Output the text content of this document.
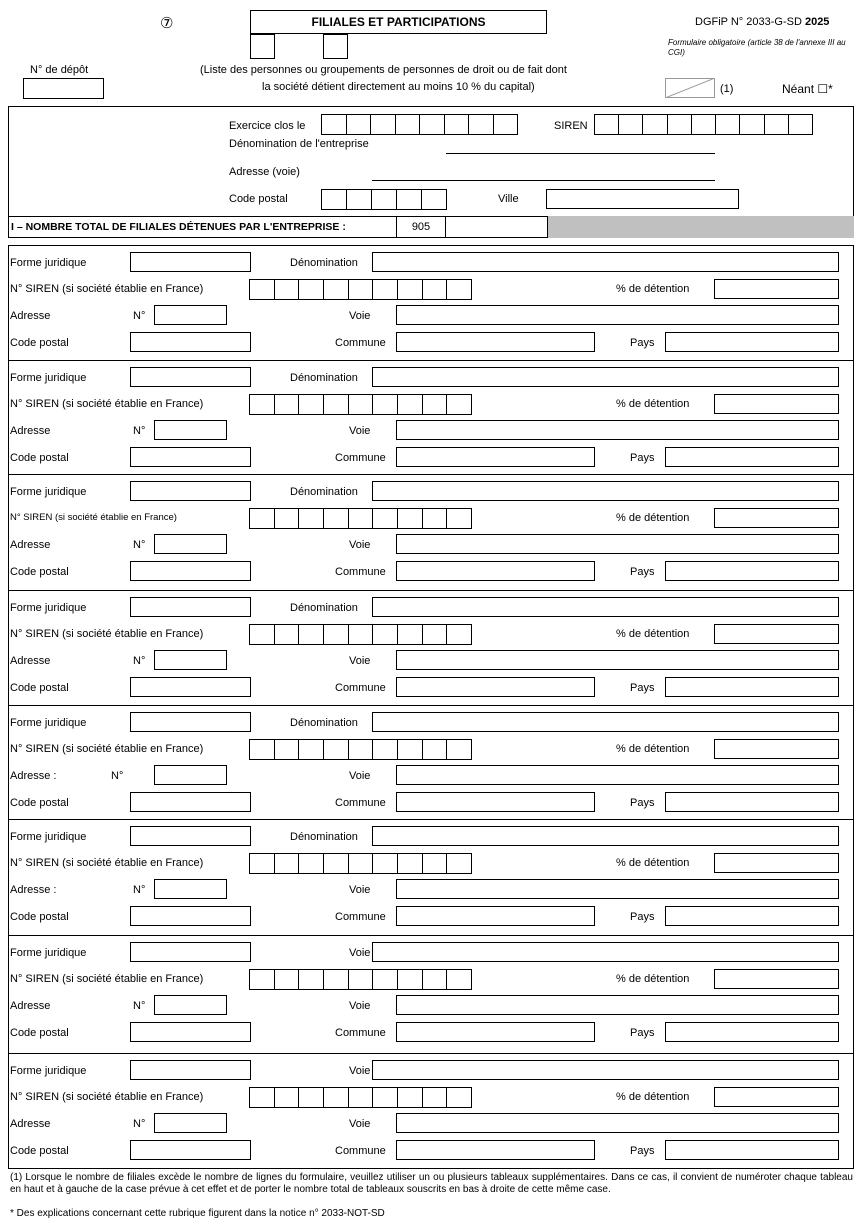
⑦	FILIALES ET PARTICIPATIONS	DGFiP N° 2033-G-SD 2025
Formulaire obligatoire (article 38 de l'annexe III au CGI)
N° de dépôt	(Liste des personnes ou groupements de personnes de droit ou de fait dont
la société détient directement au moins 10 % du capital)	(1)	Néant ☐*
Exercice clos le	SIREN
Dénomination de l'entreprise
Adresse (voie)
Code postal	Ville
I – NOMBRE TOTAL DE FILIALES DÉTENUES PAR L'ENTREPRISE :	905
Forme juridique	Dénomination
N° SIREN (si société établie en France)	% de détention
Adresse	N°	Voie
Code postal	Commune	Pays
Forme juridique	Dénomination
N° SIREN (si société établie en France)	% de détention
Adresse	N°	Voie
Code postal	Commune	Pays
Forme juridique	Dénomination
N° SIREN (si société établie en France)	% de détention
Adresse	N°	Voie
Code postal	Commune	Pays
Forme juridique	Dénomination
N° SIREN (si société établie en France)	% de détention
Adresse	N°	Voie
Code postal	Commune	Pays
Forme juridique	Dénomination
N° SIREN (si société établie en France)	% de détention
Adresse :	N°	Voie
Code postal	Commune	Pays
Forme juridique	Dénomination
N° SIREN (si société établie en France)	% de détention
Adresse :	N°	Voie
Code postal	Commune	Pays
Forme juridique	Voie
N° SIREN (si société établie en France)	% de détention
Adresse	N°	Voie
Code postal	Commune	Pays
Forme juridique	Voie
N° SIREN (si société établie en France)	% de détention
Adresse	N°	Voie
Code postal	Commune	Pays
(1) Lorsque le nombre de filiales excède le nombre de lignes du formulaire, veuillez utiliser un ou plusieurs tableaux supplémentaires. Dans ce cas, il convient de numéroter chaque tableau en haut et à gauche de la case prévue à cet effet et de porter le nombre total de tableaux souscrits en bas à droite de cette même case.
* Des explications concernant cette rubrique figurent dans la notice n° 2033-NOT-SD
